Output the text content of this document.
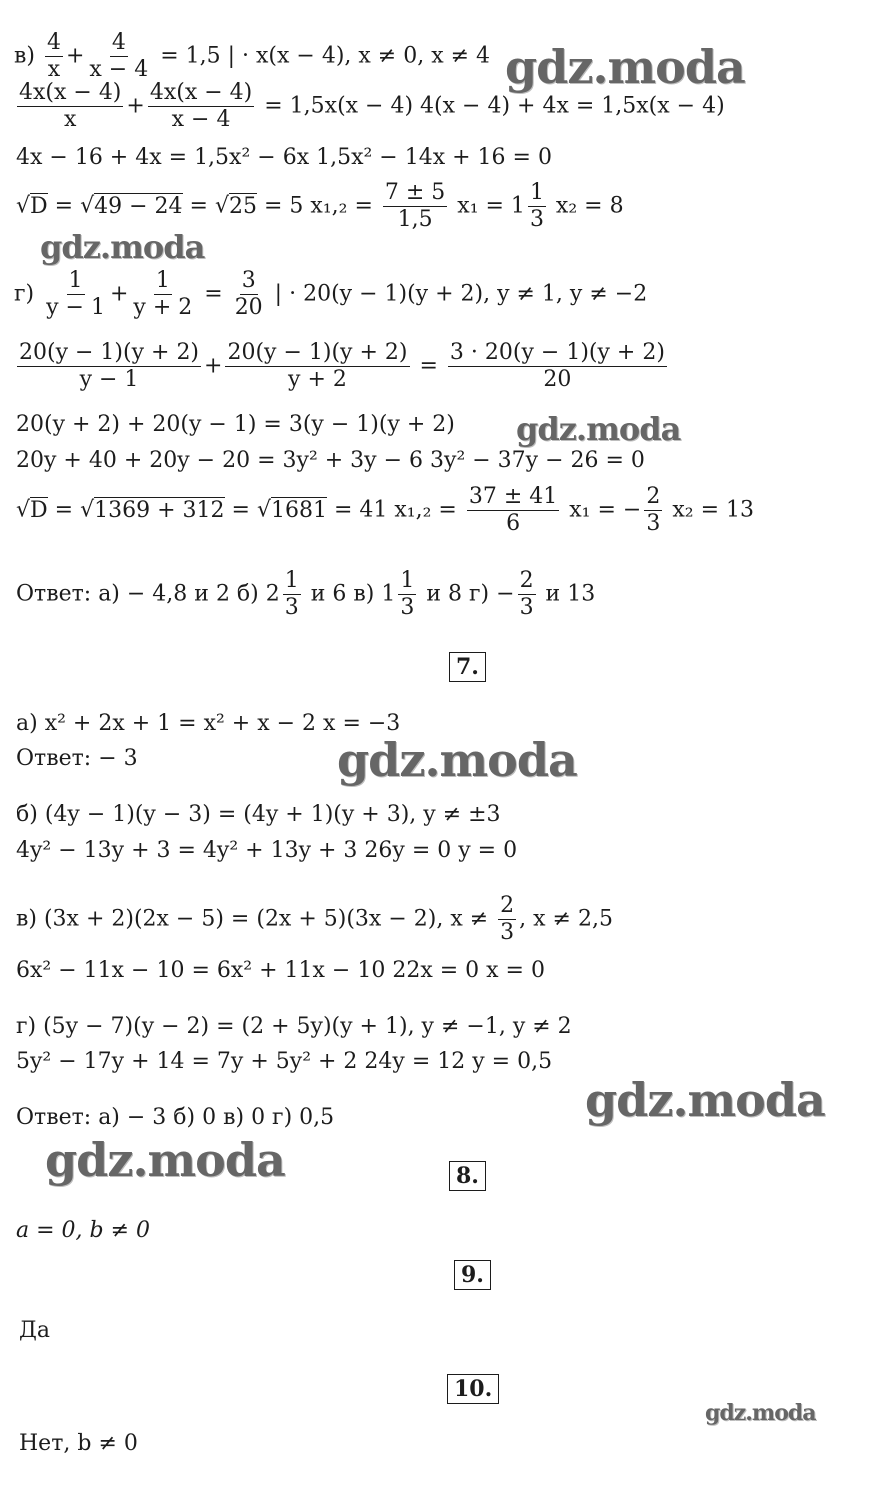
$в) \frac{4}{x} + \frac{4}{x - 4} = 1,5$ | · x(x − 4), x ≠ 0, x ≠ 4
$\frac{4x(x - 4)}{x} + \frac{4x(x - 4)}{x - 4} = 1,5x(x - 4) 4(x - 4) + 4x = 1,5x(x - 4)$
4x − 16 + 4x = 1,5x² − 6x 1,5x² − 14x + 16 = 0
√D = √49 − 24 = √25 = 5 $x_1,_2 = \frac{7 \pm 5}{1,5} x_1 = 1 \frac{1}{3} x_2 = 8$
$г) \frac{1}{y - 1} + \frac{1}{y + 2} = \frac{3}{20}$ | · 20(y − 1)(y + 2), y ≠ 1, y ≠ −2
$\frac{20(y - 1)(y + 2)}{y - 1} + \frac{20(y - 1)(y + 2)}{y + 2} = \frac{3 \cdot 20(y - 1)(y + 2)}{20}$
20(y + 2) + 20(y − 1) = 3(y − 1)(y + 2)
20y + 40 + 20y − 20 = 3y² + 3y − 6 3y² − 37y − 26 = 0
√D = √1369 + 312 = √1681 = 41 $x_1,_2 = \frac{37 \pm 41}{6} x_1$ = − $\frac{2}{3} x_2 = 13$
Ответ: а) − 4,8 и 2 б) $2 \frac{1}{3}$ и 6 в) $1 \frac{1}{3}$ и 8 $г) - \frac{2}{3}$ и 13
7.
а) x² + 2x + 1 = x² + x − 2 x = −3
Ответ: − 3
б) (4y − 1)(y − 3) = (4y + 1)(y + 3), y ≠ ±3
4y² − 13y + 3 = 4y² + 13y + 3 26y = 0 y = 0
в) (3x + 2)(2x − 5) = (2x + 5)(3x − 2), $x \ne \frac{2}{3}$ , x ≠ 2,5
6x² − 11x − 10 = 6x² + 11x − 10 22x = 0 x = 0
г) (5y − 7)(y − 2) = (2 + 5y)(y + 1), y ≠ −1, y ≠ 2
5y² − 17y + 14 = 7y + 5y² + 2 24y = 12 y = 0,5
Ответ: а) − 3 б) 0 в) 0 г) 0,5
8.
a = 0, b ≠ 0
9.
Да
10.
Нет, b ≠ 0
gdz.moda
gdz.moda
gdz.moda
gdz.moda
gdz.moda
gdz.moda
gdz.moda
